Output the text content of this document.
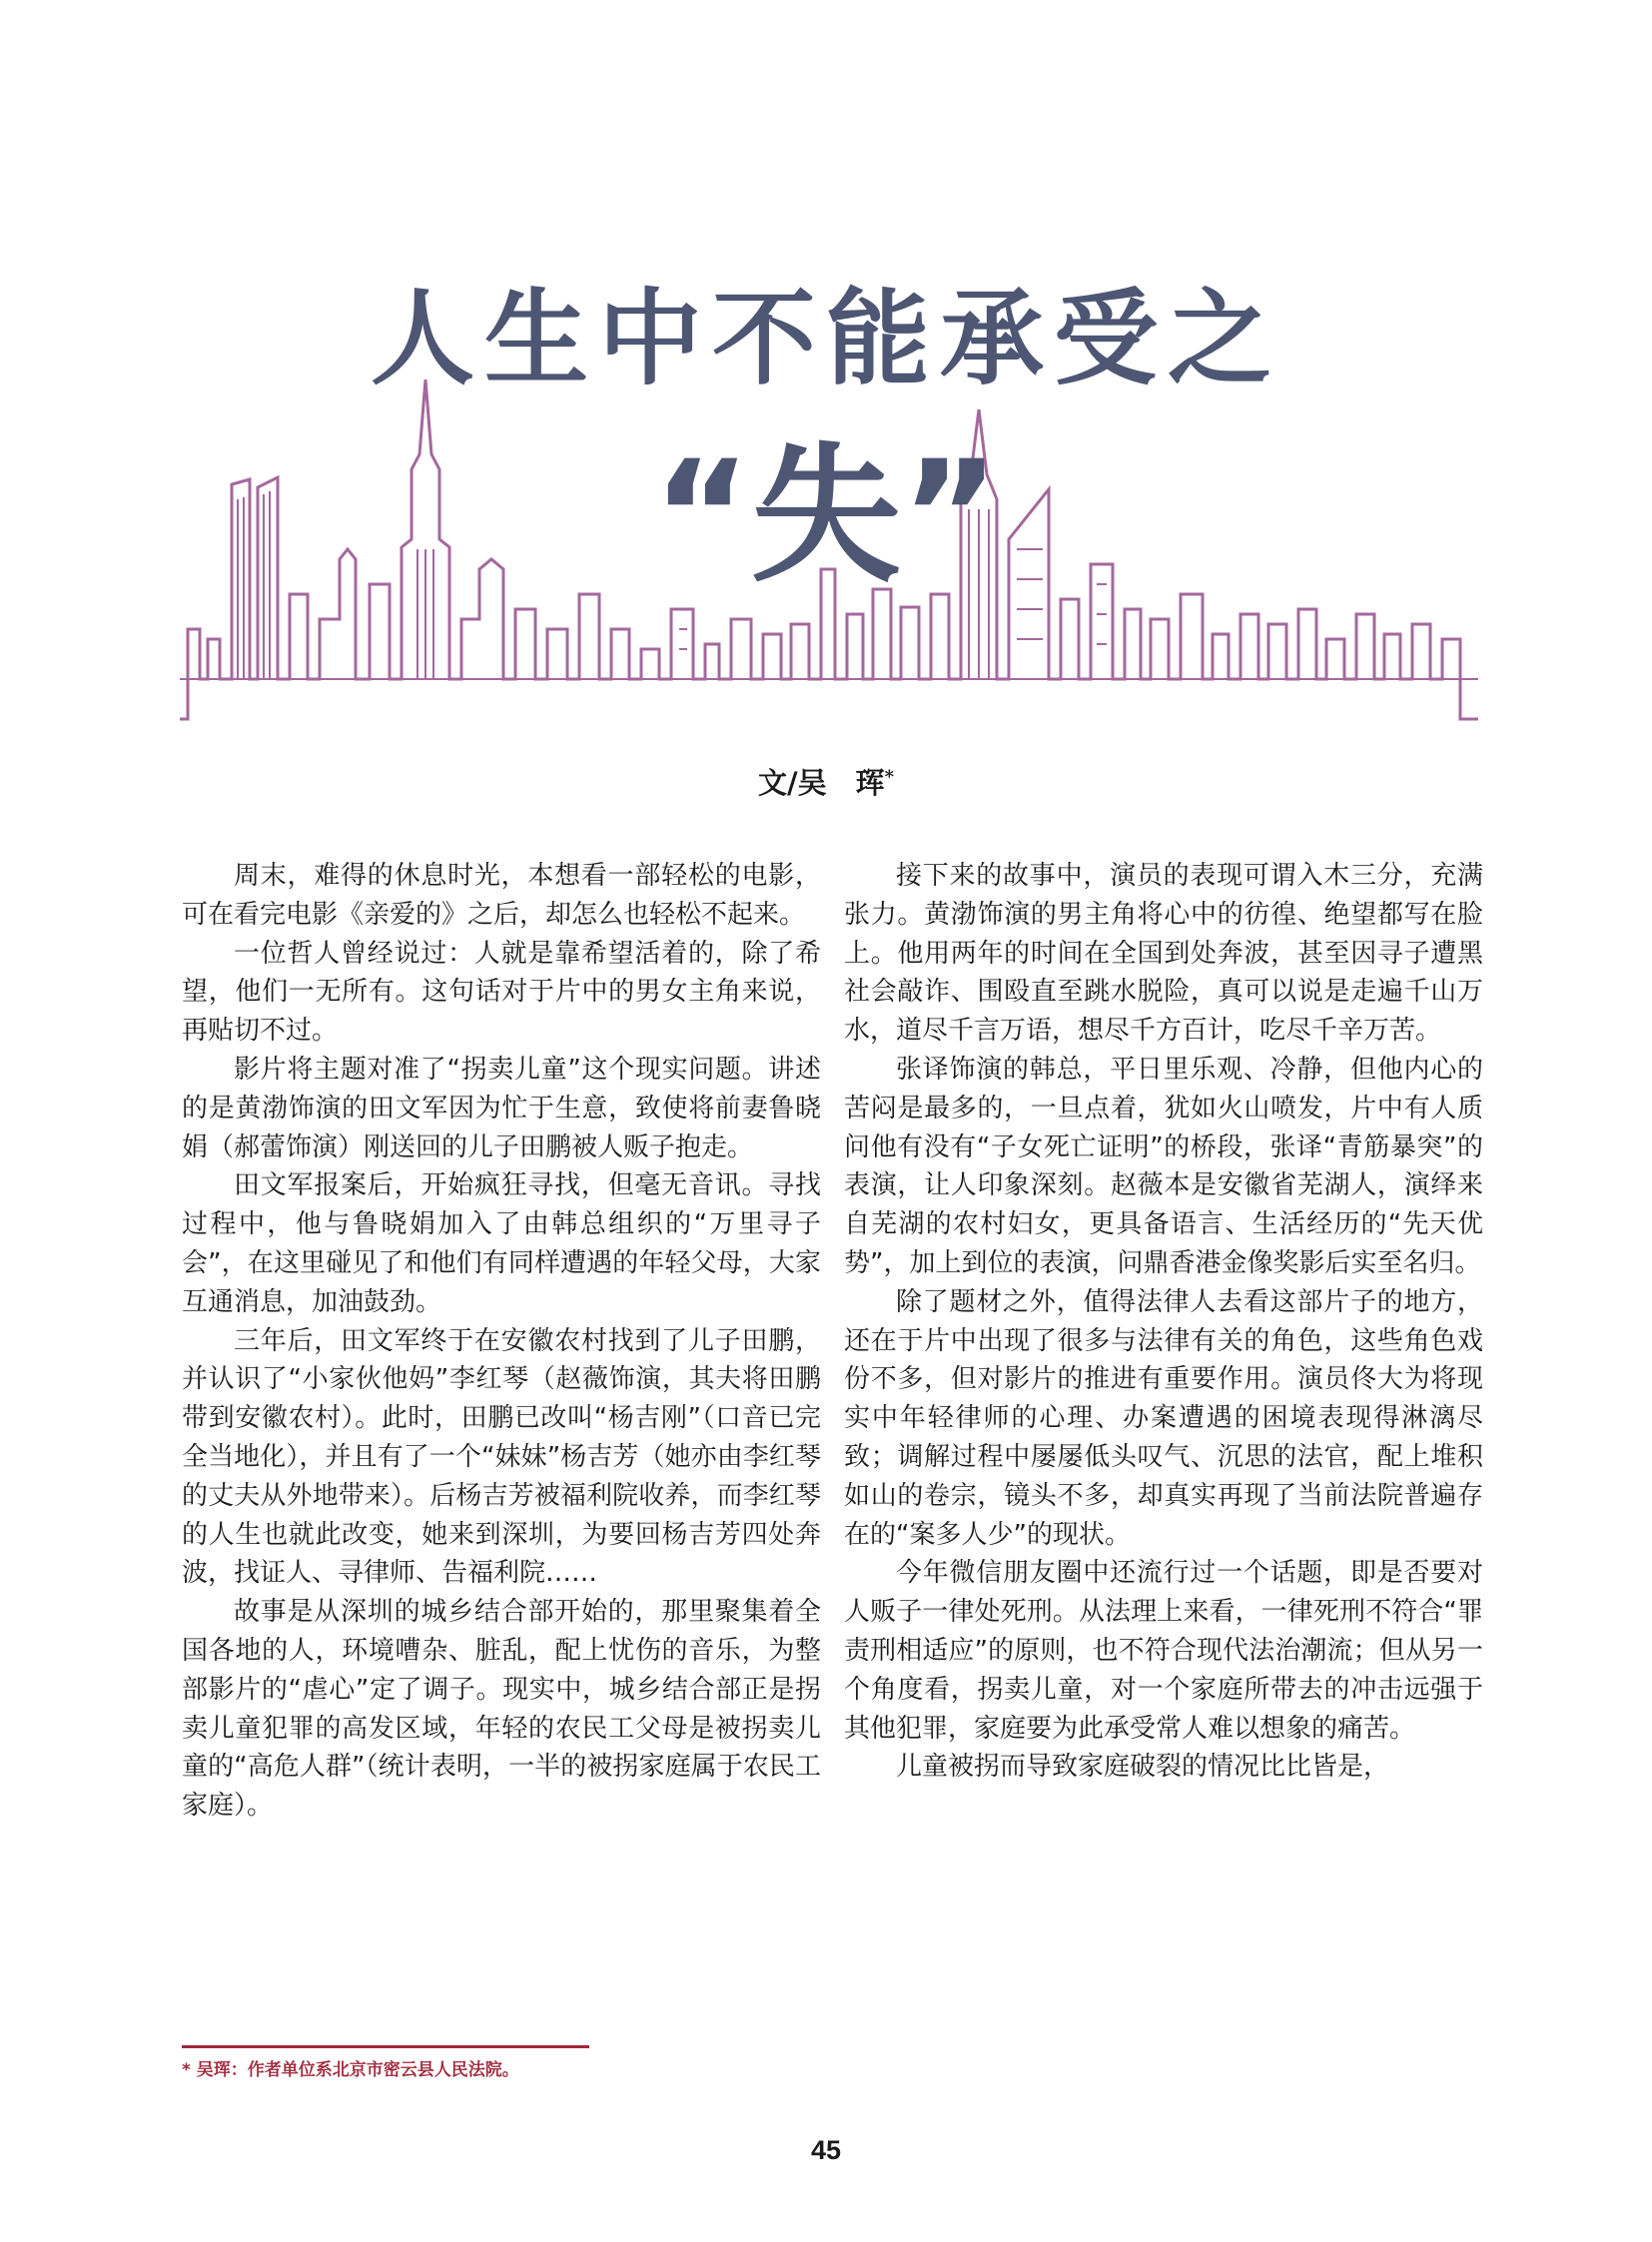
人生中不能承受之
“失”
文/吴　珲*

周末，难得的休息时光，本想看一部轻松的电影，可在看完电影《亲爱的》之后，却怎么也轻松不起来。

一位哲人曾经说过：人就是靠希望活着的，除了希望，他们一无所有。这句话对于片中的男女主角来说，再贴切不过。

影片将主题对准了“拐卖儿童”这个现实问题。讲述的是黄渤饰演的田文军因为忙于生意，致使将前妻鲁晓娟（郝蕾饰演）刚送回的儿子田鹏被人贩子抱走。

田文军报案后，开始疯狂寻找，但毫无音讯。寻找过程中，他与鲁晓娟加入了由韩总组织的“万里寻子会”，在这里碰见了和他们有同样遭遇的年轻父母，大家互通消息，加油鼓劲。

三年后，田文军终于在安徽农村找到了儿子田鹏，并认识了“小家伙他妈”李红琴（赵薇饰演，其夫将田鹏带到安徽农村）。此时，田鹏已改叫“杨吉刚”（口音已完全当地化），并且有了一个“妹妹”杨吉芳（她亦由李红琴的丈夫从外地带来）。后杨吉芳被福利院收养，而李红琴的人生也就此改变，她来到深圳，为要回杨吉芳四处奔波，找证人、寻律师、告福利院……

故事是从深圳的城乡结合部开始的，那里聚集着全国各地的人，环境嘈杂、脏乱，配上忧伤的音乐，为整部影片的“虐心”定了调子。现实中，城乡结合部正是拐卖儿童犯罪的高发区域，年轻的农民工父母是被拐卖儿童的“高危人群”（统计表明，一半的被拐家庭属于农民工家庭）。

接下来的故事中，演员的表现可谓入木三分，充满张力。黄渤饰演的男主角将心中的彷徨、绝望都写在脸上。他用两年的时间在全国到处奔波，甚至因寻子遭黑社会敲诈、围殴直至跳水脱险，真可以说是走遍千山万水，道尽千言万语，想尽千方百计，吃尽千辛万苦。

张译饰演的韩总，平日里乐观、冷静，但他内心的苦闷是最多的，一旦点着，犹如火山喷发，片中有人质问他有没有“子女死亡证明”的桥段，张译“青筋暴突”的表演，让人印象深刻。赵薇本是安徽省芜湖人，演绎来自芜湖的农村妇女，更具备语言、生活经历的“先天优势”，加上到位的表演，问鼎香港金像奖影后实至名归。

除了题材之外，值得法律人去看这部片子的地方，还在于片中出现了很多与法律有关的角色，这些角色戏份不多，但对影片的推进有重要作用。演员佟大为将现实中年轻律师的心理、办案遭遇的困境表现得淋漓尽致；调解过程中屡屡低头叹气、沉思的法官，配上堆积如山的卷宗，镜头不多，却真实再现了当前法院普遍存在的“案多人少”的现状。

今年微信朋友圈中还流行过一个话题，即是否要对人贩子一律处死刑。从法理上来看，一律死刑不符合“罪责刑相适应”的原则，也不符合现代法治潮流；但从另一个角度看，拐卖儿童，对一个家庭所带去的冲击远强于其他犯罪，家庭要为此承受常人难以想象的痛苦。

儿童被拐而导致家庭破裂的情况比比皆是，

* 吴珲：作者单位系北京市密云县人民法院。
45
